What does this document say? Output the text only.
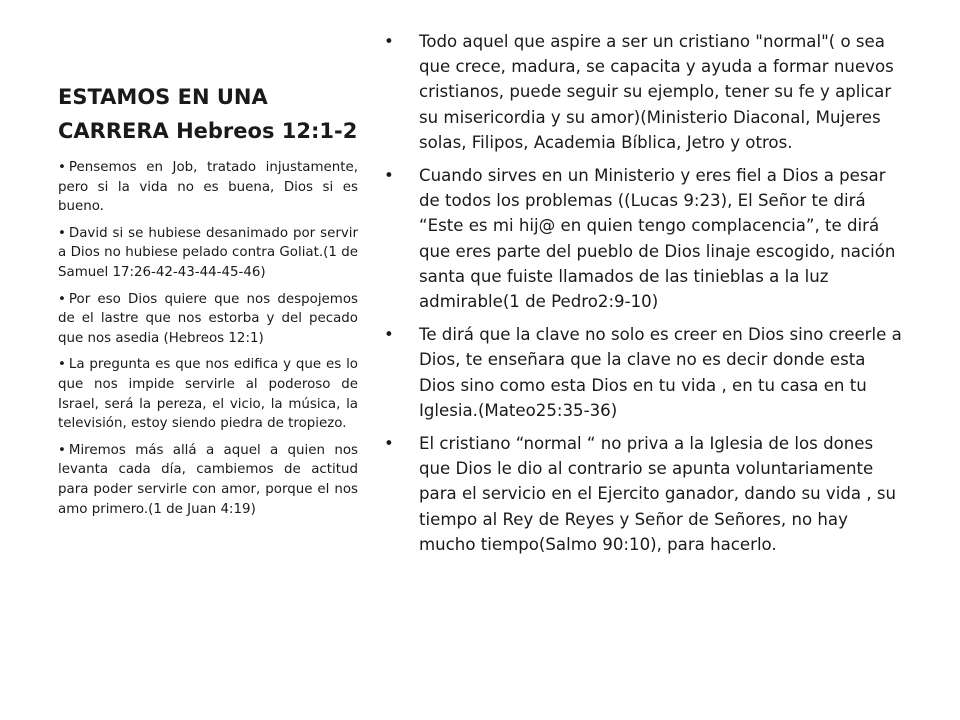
ESTAMOS EN UNA
CARRERA Hebreos 12:1-2
• Pensemos en Job, tratado injustamente, pero si la vida no es buena, Dios si es bueno.
• David si se hubiese desanimado por servir a Dios no hubiese pelado contra Goliat.(1 de Samuel 17:26-42-43-44-45-46)
• Por eso Dios quiere que nos despojemos de el lastre que nos estorba y del pecado que nos asedia (Hebreos 12:1)
• La pregunta es que nos edifica y que es lo que nos impide servirle al poderoso de Israel, será la pereza, el vicio, la música, la televisión, estoy siendo piedra de tropiezo.
• Miremos más allá a aquel a quien nos levanta cada día, cambiemos de actitud para poder servirle con amor, porque el nos amo primero.(1 de Juan 4:19)
• Todo aquel que aspire a ser un cristiano "normal"( o sea que crece, madura, se capacita y ayuda a formar nuevos cristianos, puede seguir su ejemplo, tener su fe y aplicar su misericordia y su amor)(Ministerio Diaconal, Mujeres solas, Filipos, Academia Bíblica, Jetro y otros.
• Cuando sirves en un Ministerio y eres fiel a Dios a pesar de todos los problemas ((Lucas 9:23), El Señor te dirá “Este es mi hij@ en quien tengo complacencia”, te dirá que eres parte del pueblo de Dios linaje escogido, nación santa que fuiste llamados de las tinieblas a la luz admirable(1 de Pedro2:9-10)
• Te dirá que la clave no solo es creer en Dios sino creerle a Dios, te enseñara que la clave no es decir donde esta Dios sino como esta Dios en tu vida , en tu casa en tu Iglesia.(Mateo25:35-36)
• El cristiano “normal “ no priva a la Iglesia de los dones que Dios le dio al contrario se apunta voluntariamente para el servicio en el Ejercito ganador, dando su vida , su tiempo al Rey de Reyes y Señor de Señores, no hay mucho tiempo(Salmo 90:10), para hacerlo.
